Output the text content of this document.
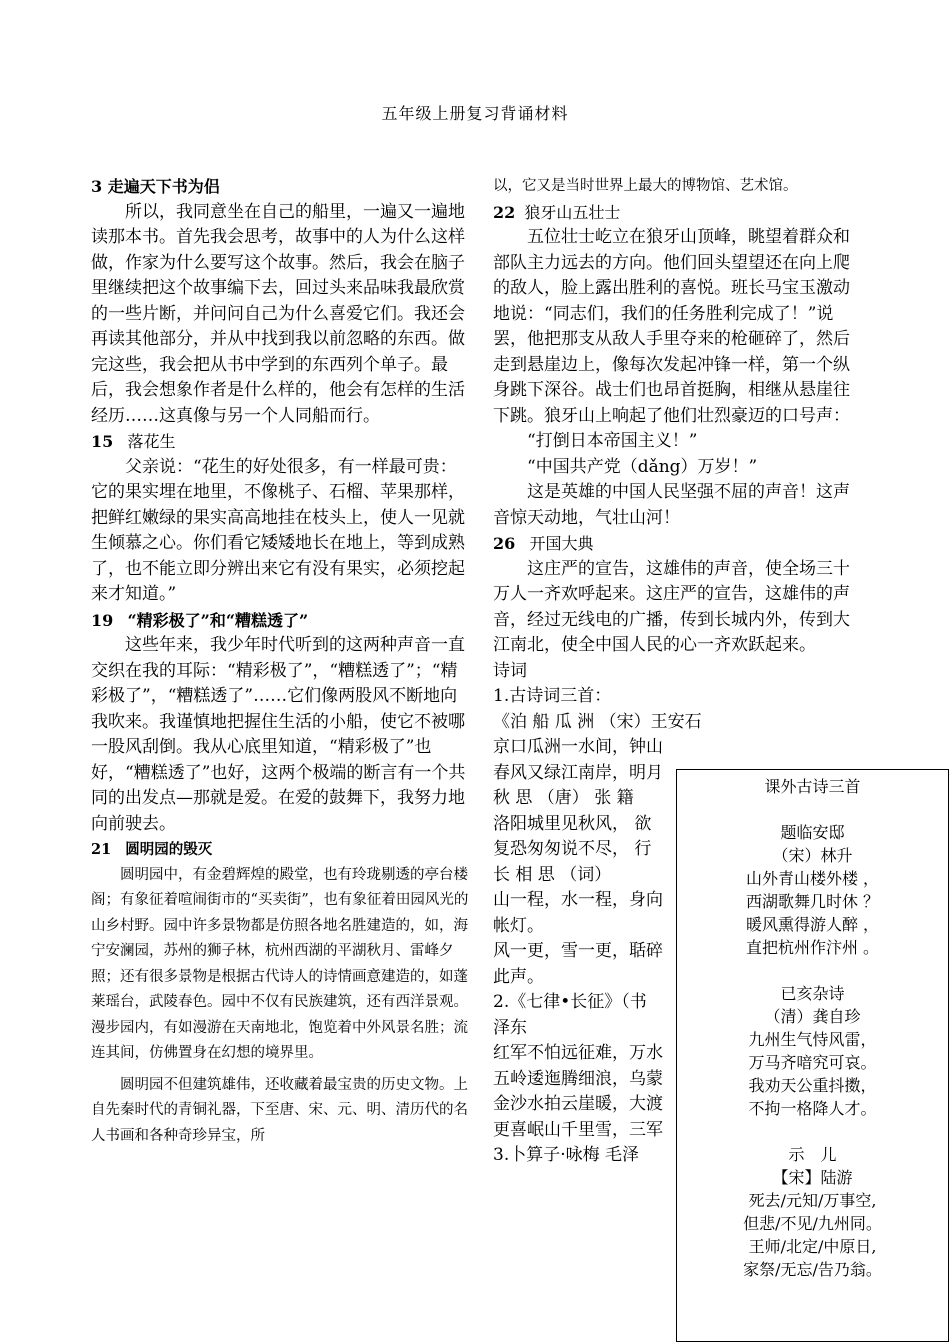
五年级上册复习背诵材料

3 走遍天下书为侣

所以，我同意坐在自己的船里，一遍又一遍地读那本书。首先我会思考，故事中的人为什么这样做，作家为什么要写这个故事。然后，我会在脑子里继续把这个故事编下去，回过头来品味我最欣赏的一些片断，并问问自己为什么喜爱它们。我还会再读其他部分，并从中找到我以前忽略的东西。做完这些，我会把从书中学到的东西列个单子。最后，我会想象作者是什么样的，他会有怎样的生活经历……这真像与另一个人同船而行。

15 落花生

父亲说：“花生的好处很多，有一样最可贵：它的果实埋在地里，不像桃子、石榴、苹果那样，把鲜红嫩绿的果实高高地挂在枝头上，使人一见就生倾慕之心。你们看它矮矮地长在地上，等到成熟了，也不能立即分辨出来它有没有果实，必须挖起来才知道。”

19 “精彩极了”和“糟糕透了”

这些年来，我少年时代听到的这两种声音一直交织在我的耳际：“精彩极了”，“糟糕透了”；“精彩极了”，“糟糕透了”……它们像两股风不断地向我吹来。我谨慎地把握住生活的小船，使它不被哪一股风刮倒。我从心底里知道，“精彩极了”也好，“糟糕透了”也好，这两个极端的断言有一个共同的出发点—那就是爱。在爱的鼓舞下，我努力地向前驶去。

21 圆明园的毁灭

圆明园中，有金碧辉煌的殿堂，也有玲珑剔透的亭台楼阁；有象征着喧闹街市的“买卖街”，也有象征着田园风光的山乡村野。园中许多景物都是仿照各地名胜建造的，如，海宁安澜园，苏州的狮子林，杭州西湖的平湖秋月、雷峰夕照；还有很多景物是根据古代诗人的诗情画意建造的，如蓬莱瑶台，武陵春色。园中不仅有民族建筑，还有西洋景观。漫步园内，有如漫游在天南地北，饱览着中外风景名胜；流连其间，仿佛置身在幻想的境界里。

圆明园不但建筑雄伟，还收藏着最宝贵的历史文物。上自先秦时代的青铜礼器，下至唐、宋、元、明、清历代的名人书画和各种奇珍异宝，所

以，它又是当时世界上最大的博物馆、艺术馆。

22 狼牙山五壮士

五位壮士屹立在狼牙山顶峰，眺望着群众和部队主力远去的方向。他们回头望望还在向上爬的敌人，脸上露出胜利的喜悦。班长马宝玉激动地说：“同志们，我们的任务胜利完成了！”说罢，他把那支从敌人手里夺来的枪砸碎了，然后走到悬崖边上，像每次发起冲锋一样，第一个纵身跳下深谷。战士们也昂首挺胸，相继从悬崖往下跳。狼牙山上响起了他们壮烈豪迈的口号声：

“打倒日本帝国主义！”

“中国共产党（dǎng）万岁！”

这是英雄的中国人民坚强不屈的声音！这声音惊天动地，气壮山河！

26 开国大典

这庄严的宣告，这雄伟的声音，使全场三十万人一齐欢呼起来。这庄严的宣告，这雄伟的声音，经过无线电的广播，传到长城内外，传到大江南北，使全中国人民的心一齐欢跃起来。

诗词

1.古诗词三首：

《泊 船 瓜 洲 （宋）王安石

京口瓜洲一水间，钟山

春风又绿江南岸，明月

秋 思 （唐） 张 籍

洛阳城里见秋风， 欲

复恐匆匆说不尽， 行

长 相 思 （词）

山一程，水一程，身向

帐灯。

风一更，雪一更，聒碎

此声。

2.《七律•长征》（书

泽东

红军不怕远征难，万水

五岭逶迤腾细浪，乌蒙

金沙水拍云崖暖，大渡

更喜岷山千里雪，三军

3.卜算子·咏梅 毛泽

课外古诗三首
题临安邸
（宋）林升
山外青山楼外楼 ，
西湖歌舞几时休 ？
暖风熏得游人醉 ，
直把杭州作汴州 。
已亥杂诗
（清）龚自珍
九州生气恃风雷，
万马齐喑究可哀。
我劝天公重抖擞，
不拘一格降人才。
示　儿
【宋】陆游
死去/元知/万事空,
但悲/不见/九州同。
王师/北定/中原日,
家祭/无忘/告乃翁。
